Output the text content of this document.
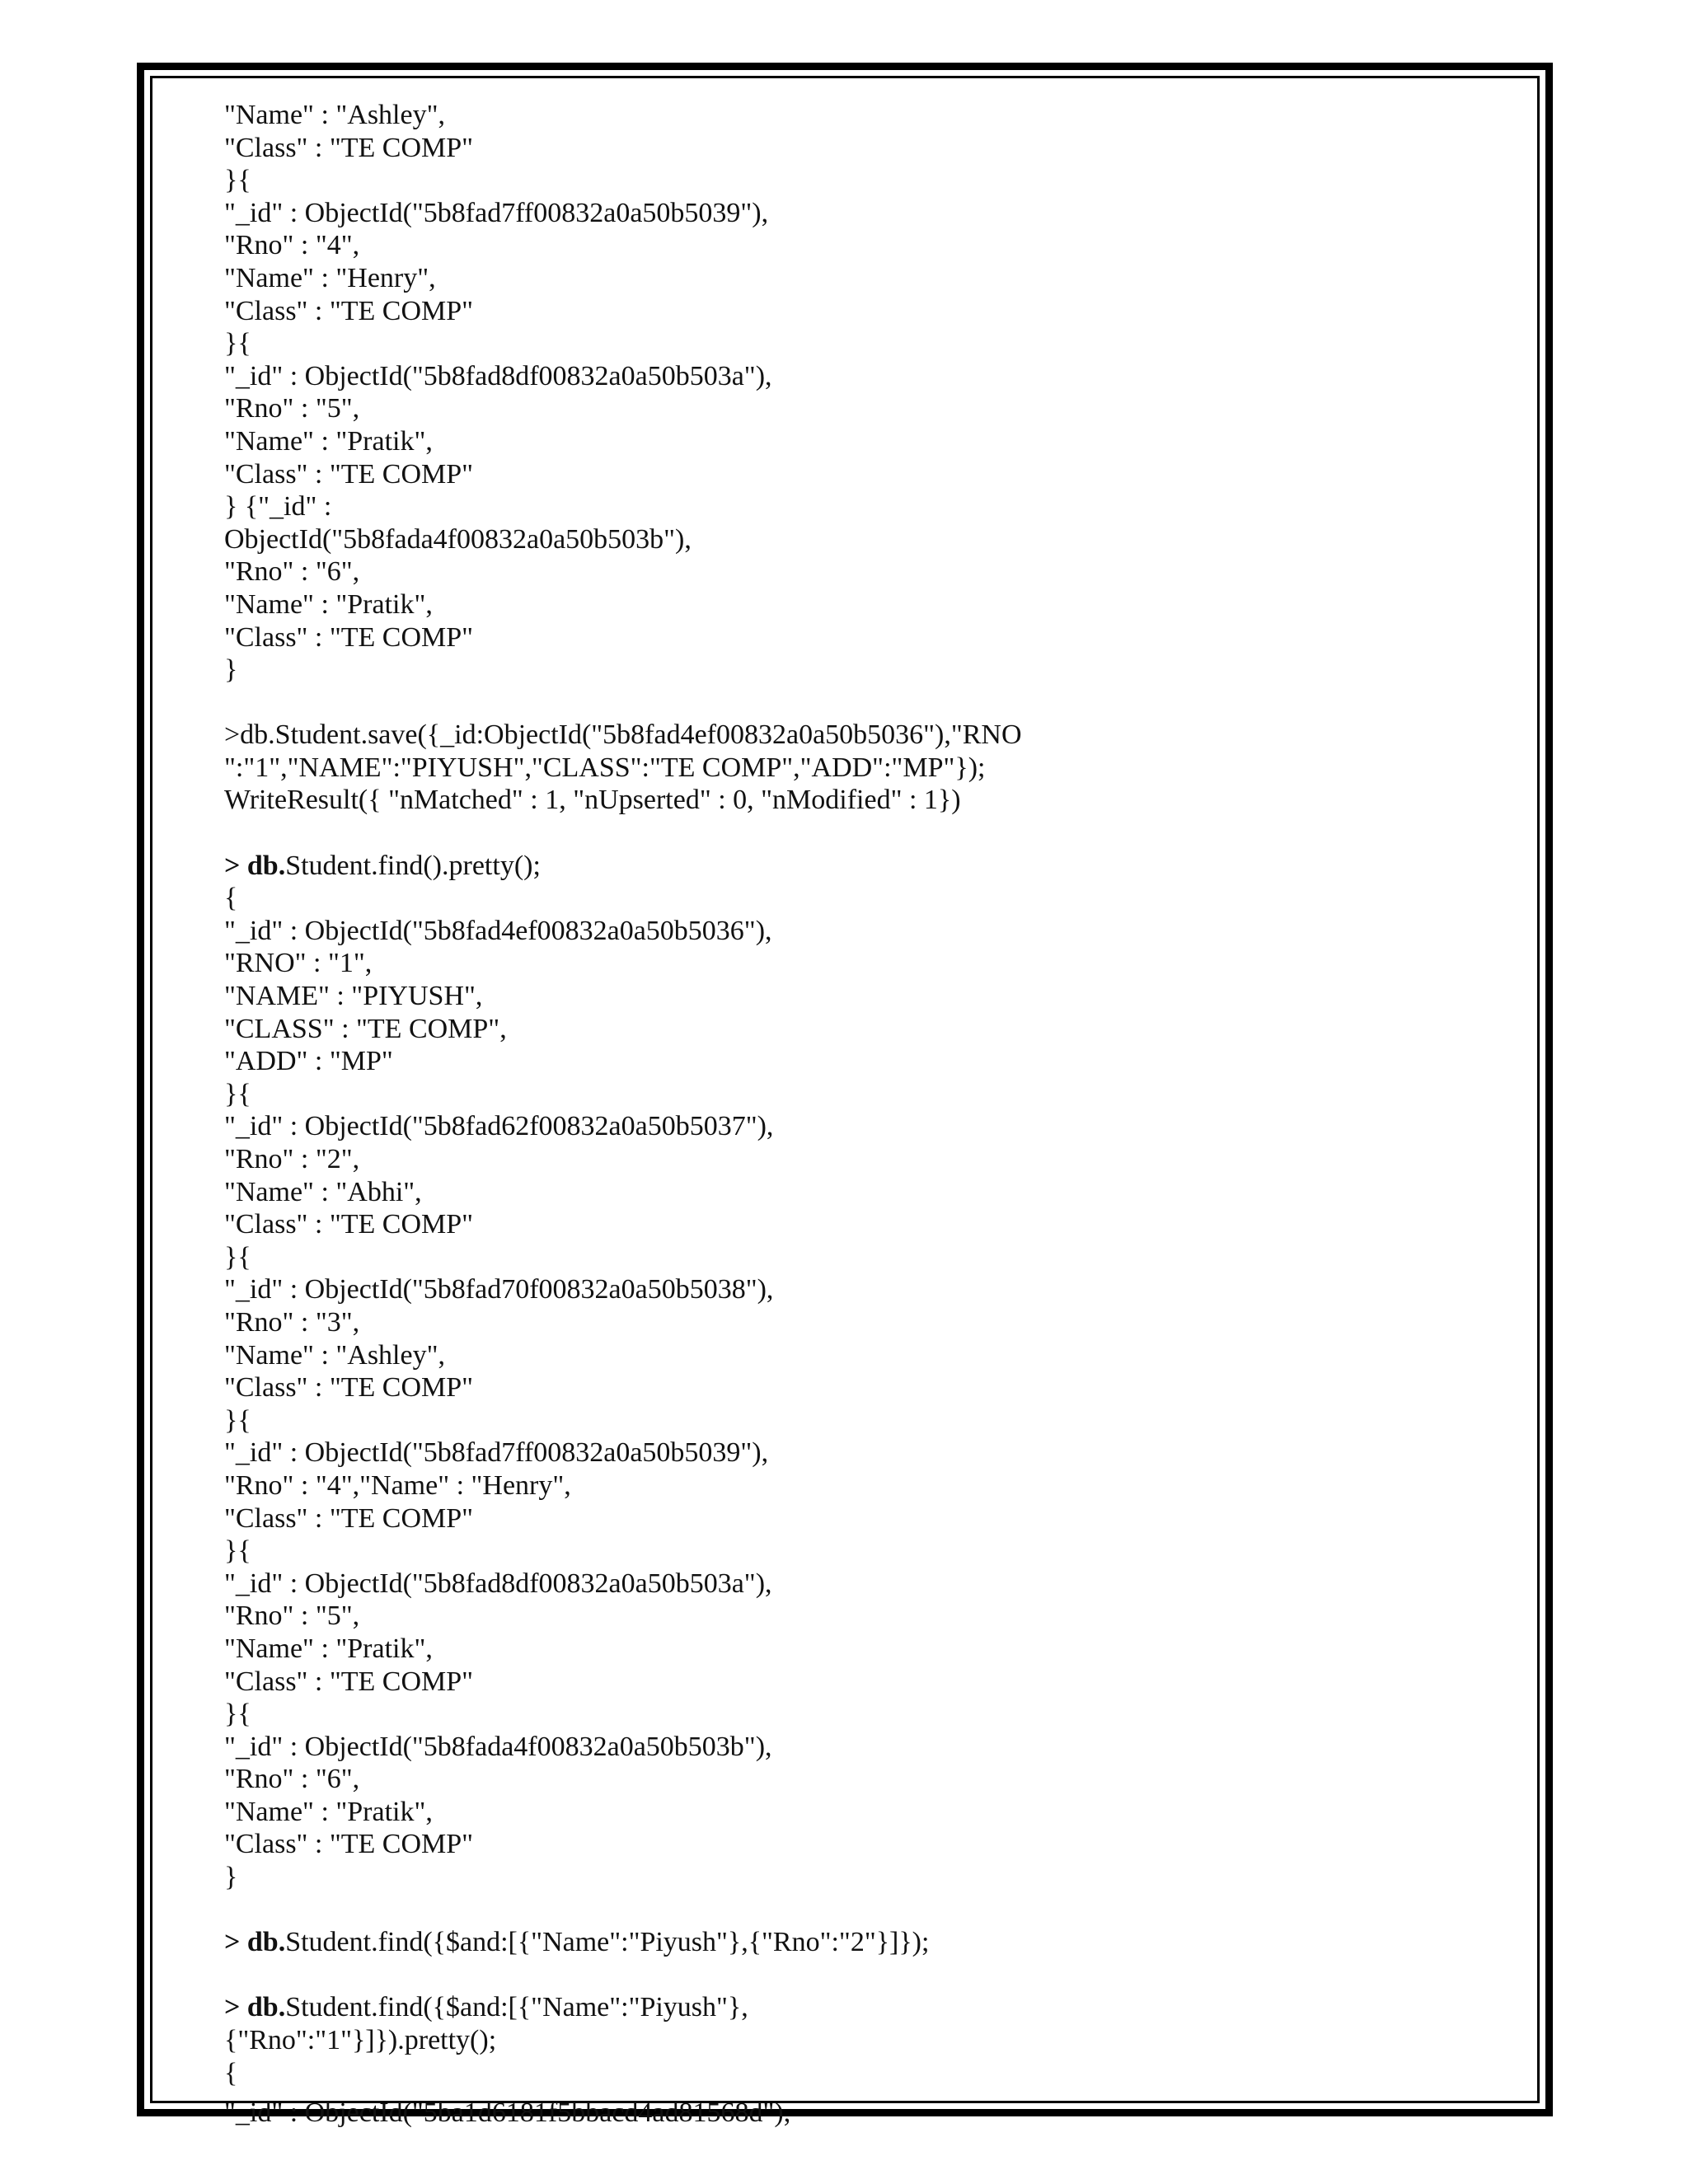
"Name" : "Ashley",
"Class" : "TE COMP"
}{
"_id" : ObjectId("5b8fad7ff00832a0a50b5039"),
"Rno" : "4",
"Name" : "Henry",
"Class" : "TE COMP"
}{
"_id" : ObjectId("5b8fad8df00832a0a50b503a"),
"Rno" : "5",
"Name" : "Pratik",
"Class" : "TE COMP"
} {"_id" :
ObjectId("5b8fada4f00832a0a50b503b"),
"Rno" : "6",
"Name" : "Pratik",
"Class" : "TE COMP"
}
>db.Student.save({_id:ObjectId("5b8fad4ef00832a0a50b5036"),"RNO
":"1","NAME":"PIYUSH","CLASS":"TE COMP","ADD":"MP"});
WriteResult({ "nMatched" : 1, "nUpserted" : 0, "nModified" : 1})
> db.Student.find().pretty();
{
"_id" : ObjectId("5b8fad4ef00832a0a50b5036"),
"RNO" : "1",
"NAME" : "PIYUSH",
"CLASS" : "TE COMP",
"ADD" : "MP"
}{
"_id" : ObjectId("5b8fad62f00832a0a50b5037"),
"Rno" : "2",
"Name" : "Abhi",
"Class" : "TE COMP"
}{
"_id" : ObjectId("5b8fad70f00832a0a50b5038"),
"Rno" : "3",
"Name" : "Ashley",
"Class" : "TE COMP"
}{
"_id" : ObjectId("5b8fad7ff00832a0a50b5039"),
"Rno" : "4","Name" : "Henry",
"Class" : "TE COMP"
}{
"_id" : ObjectId("5b8fad8df00832a0a50b503a"),
"Rno" : "5",
"Name" : "Pratik",
"Class" : "TE COMP"
}{
"_id" : ObjectId("5b8fada4f00832a0a50b503b"),
"Rno" : "6",
"Name" : "Pratik",
"Class" : "TE COMP"
}
> db.Student.find({$and:[{"Name":"Piyush"},{"Rno":"2"}]});
> db.Student.find({$and:[{"Name":"Piyush"},
{"Rno":"1"}]}).pretty();
{
"_id" : ObjectId("5ba1d6181f5bbacd4ad81568d"),
